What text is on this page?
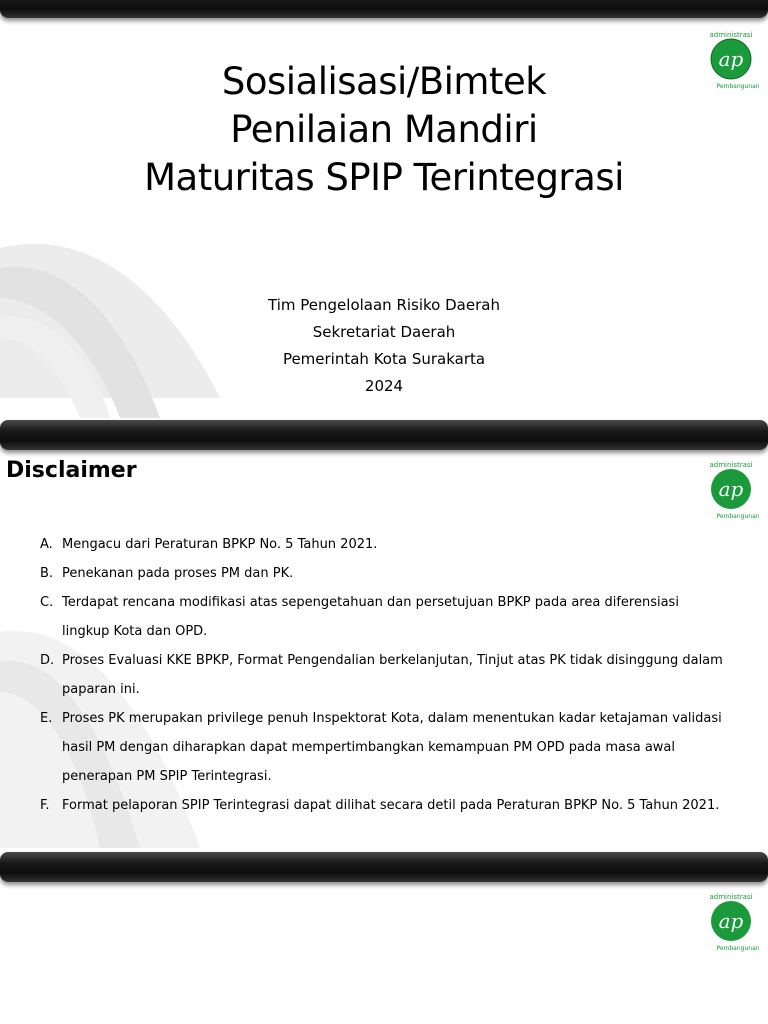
ap
administrasi
Pembangunan
Sosialisasi/Bimtek
Penilaian Mandiri
Maturitas SPIP Terintegrasi
Tim Pengelolaan Risiko Daerah
Sekretariat Daerah
Pemerintah Kota Surakarta
2024
ap
administrasi
Pembangunan
Disclaimer
A. Mengacu dari Peraturan BPKP No. 5 Tahun 2021.
B. Penekanan pada proses PM dan PK.
C. Terdapat rencana modifikasi atas sepengetahuan dan persetujuan BPKP pada area diferensiasi lingkup Kota dan OPD.
D. Proses Evaluasi KKE BPKP, Format Pengendalian berkelanjutan, Tinjut atas PK tidak disinggung dalam paparan ini.
E. Proses PK merupakan privilege penuh Inspektorat Kota, dalam menentukan kadar ketajaman validasi hasil PM dengan diharapkan dapat mempertimbangkan kemampuan PM OPD pada masa awal penerapan PM SPIP Terintegrasi.
F. Format pelaporan SPIP Terintegrasi dapat dilihat secara detil pada Peraturan BPKP No. 5 Tahun 2021.
ap
administrasi
Pembangunan
